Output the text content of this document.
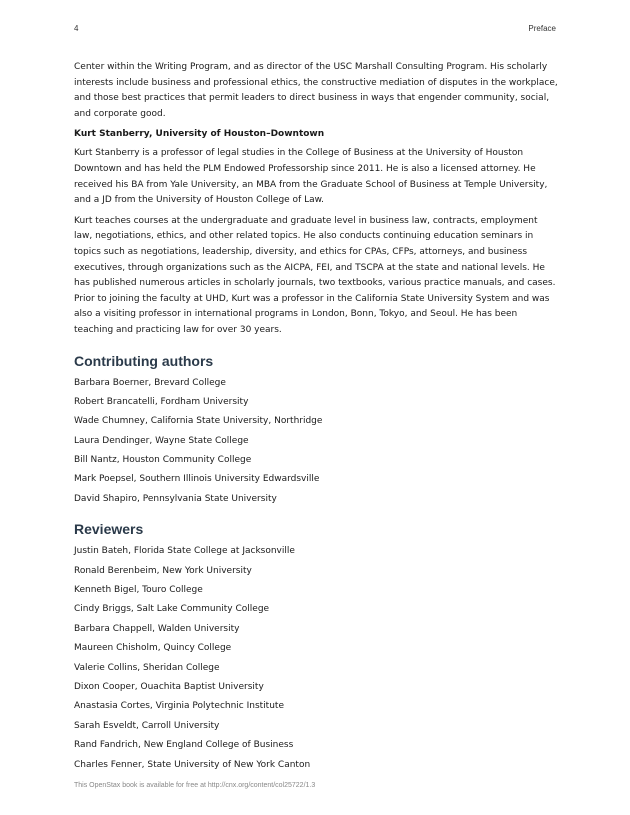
4	Preface

Center within the Writing Program, and as director of the USC Marshall Consulting Program. His scholarly interests include business and professional ethics, the constructive mediation of disputes in the workplace, and those best practices that permit leaders to direct business in ways that engender community, social, and corporate good.

Kurt Stanberry, University of Houston–Downtown

Kurt Stanberry is a professor of legal studies in the College of Business at the University of Houston Downtown and has held the PLM Endowed Professorship since 2011. He is also a licensed attorney. He received his BA from Yale University, an MBA from the Graduate School of Business at Temple University, and a JD from the University of Houston College of Law.

Kurt teaches courses at the undergraduate and graduate level in business law, contracts, employment law, negotiations, ethics, and other related topics. He also conducts continuing education seminars in topics such as negotiations, leadership, diversity, and ethics for CPAs, CFPs, attorneys, and business executives, through organizations such as the AICPA, FEI, and TSCPA at the state and national levels. He has published numerous articles in scholarly journals, two textbooks, various practice manuals, and cases. Prior to joining the faculty at UHD, Kurt was a professor in the California State University System and was also a visiting professor in international programs in London, Bonn, Tokyo, and Seoul. He has been teaching and practicing law for over 30 years.

Contributing authors
Barbara Boerner, Brevard College
Robert Brancatelli, Fordham University
Wade Chumney, California State University, Northridge
Laura Dendinger, Wayne State College
Bill Nantz, Houston Community College
Mark Poepsel, Southern Illinois University Edwardsville
David Shapiro, Pennsylvania State University
Reviewers
Justin Bateh, Florida State College at Jacksonville
Ronald Berenbeim, New York University
Kenneth Bigel, Touro College
Cindy Briggs, Salt Lake Community College
Barbara Chappell, Walden University
Maureen Chisholm, Quincy College
Valerie Collins, Sheridan College
Dixon Cooper, Ouachita Baptist University
Anastasia Cortes, Virginia Polytechnic Institute
Sarah Esveldt, Carroll University
Rand Fandrich, New England College of Business
Charles Fenner, State University of New York Canton
This OpenStax book is available for free at http://cnx.org/content/col25722/1.3
